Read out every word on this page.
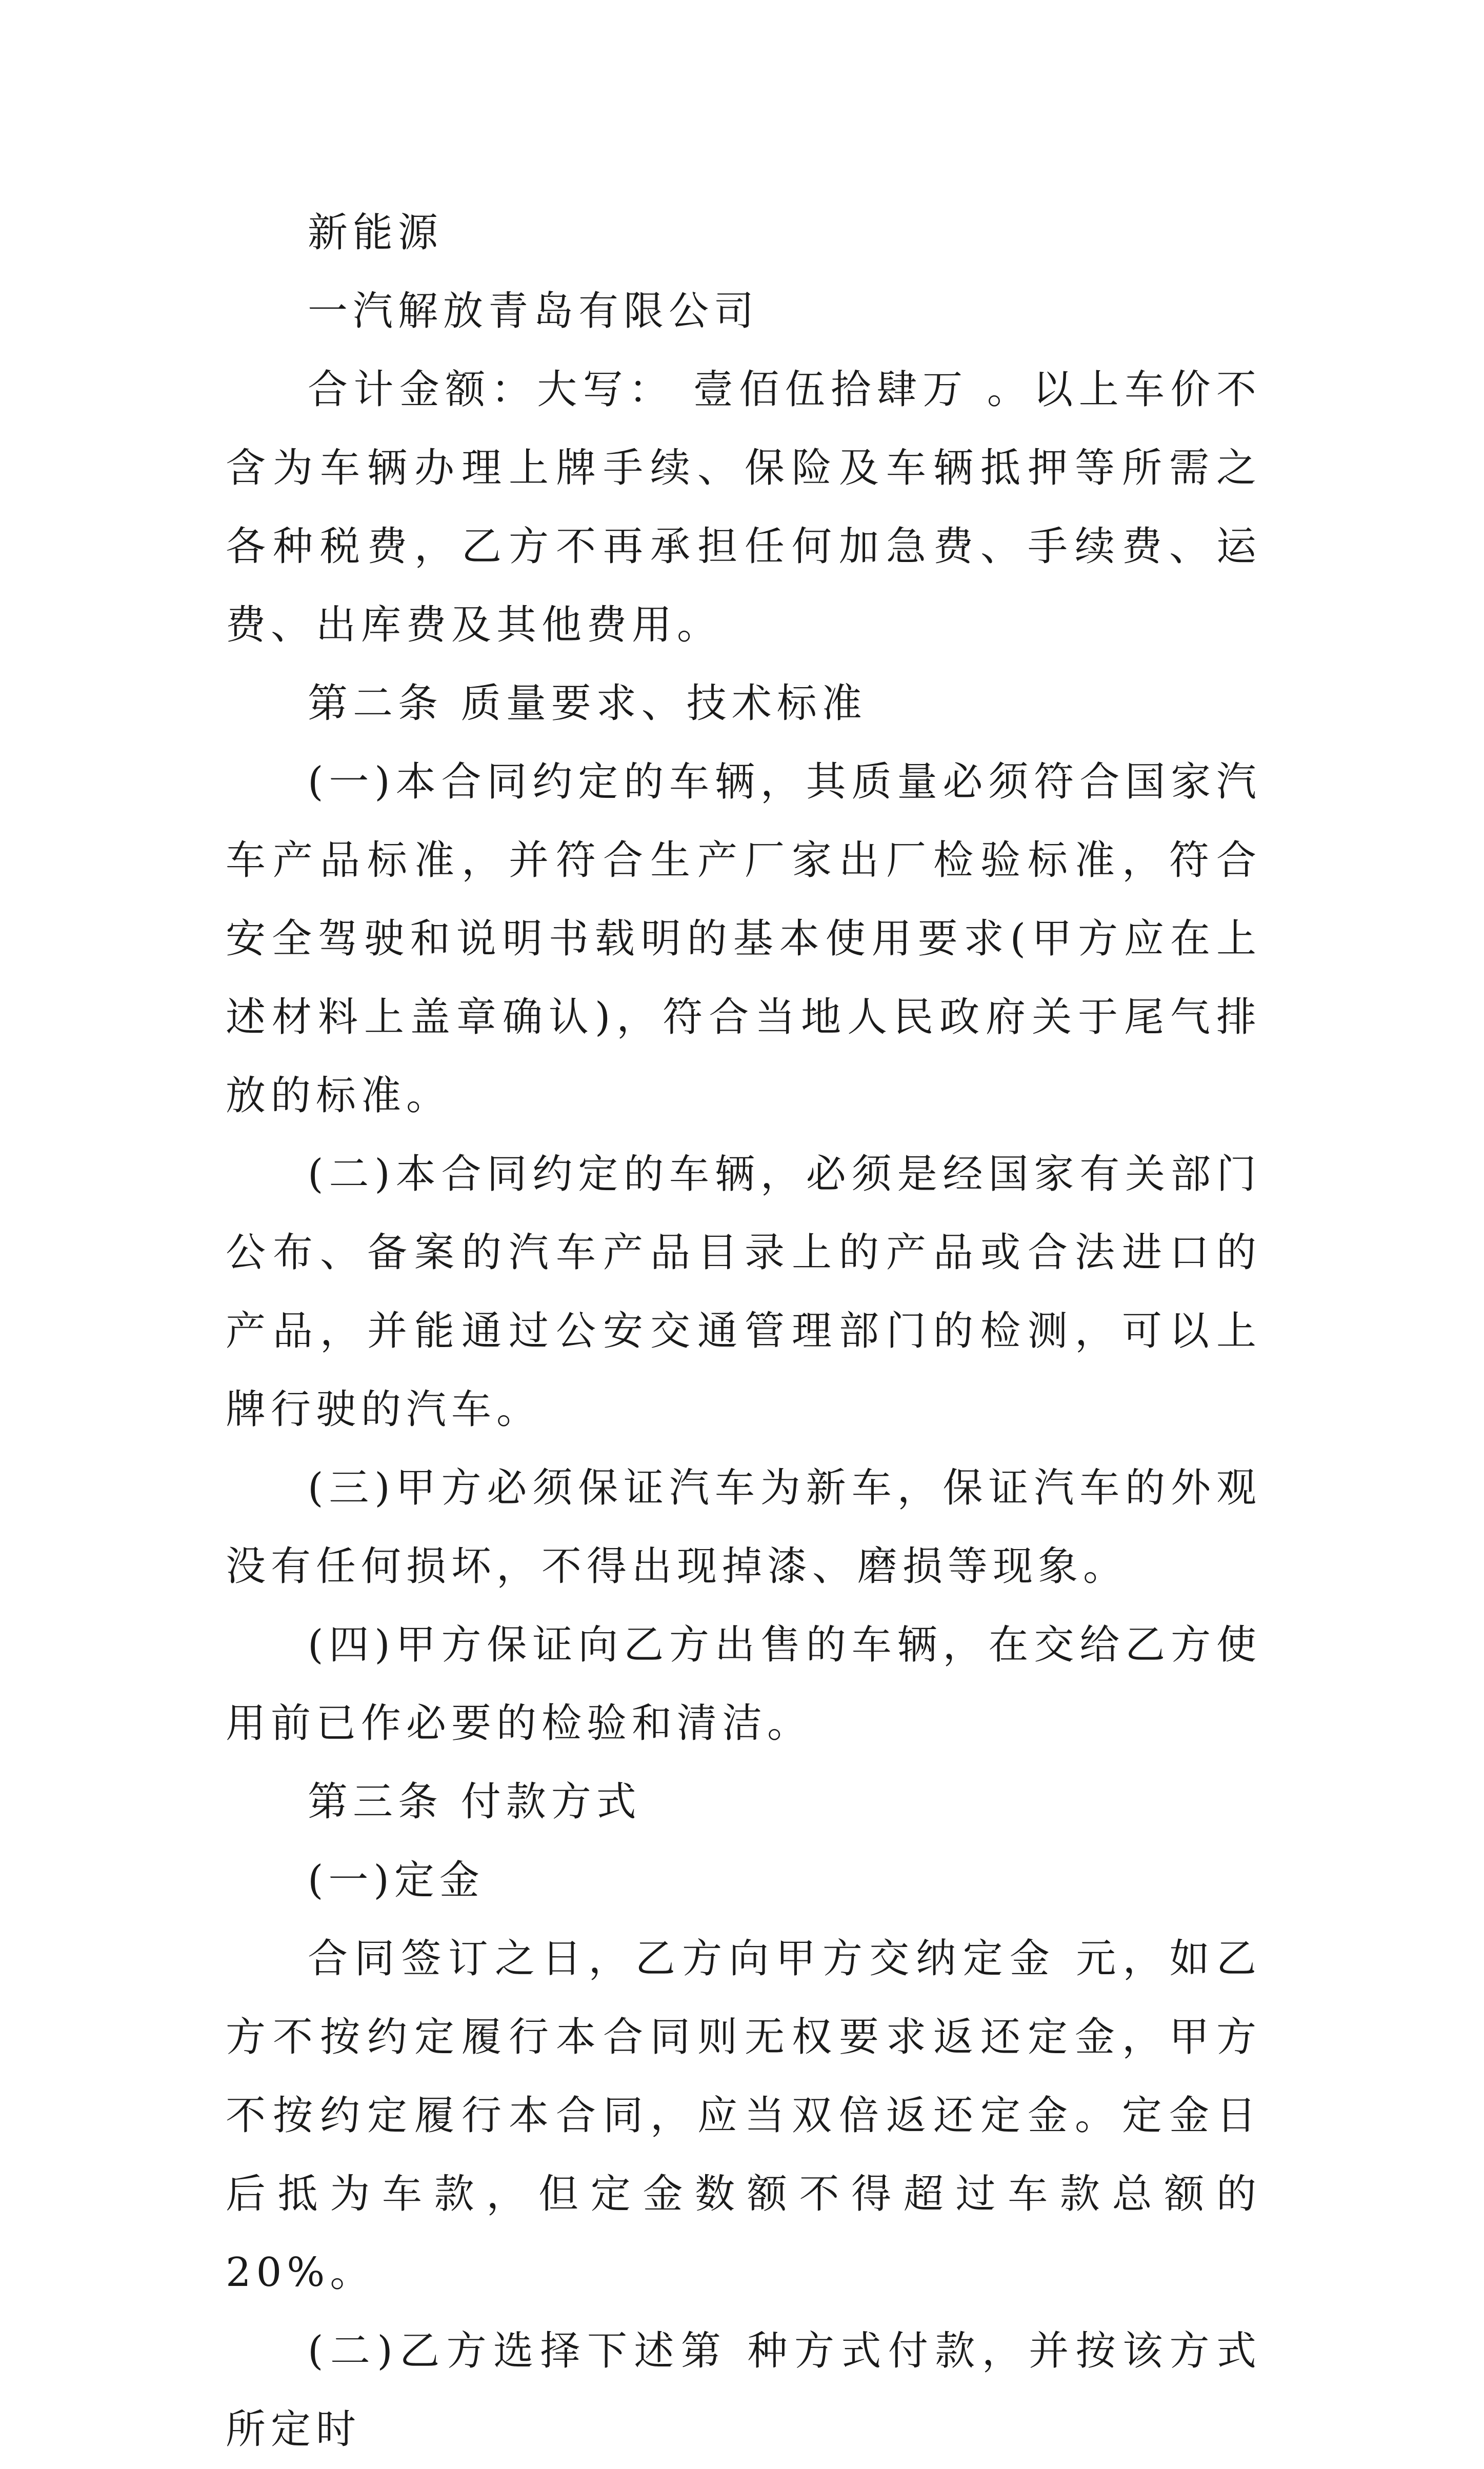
新能源

一汽解放青岛有限公司

合计金额：大写： 壹佰伍拾肆万 。以上车价不含为车辆办理上牌手续、保险及车辆抵押等所需之各种税费，乙方不再承担任何加急费、手续费、运费、出库费及其他费用。

第二条 质量要求、技术标准

(一)本合同约定的车辆，其质量必须符合国家汽车产品标准，并符合生产厂家出厂检验标准，符合安全驾驶和说明书载明的基本使用要求(甲方应在上述材料上盖章确认)，符合当地人民政府关于尾气排放的标准。

(二)本合同约定的车辆，必须是经国家有关部门公布、备案的汽车产品目录上的产品或合法进口的产品，并能通过公安交通管理部门的检测，可以上牌行驶的汽车。

(三)甲方必须保证汽车为新车，保证汽车的外观没有任何损坏，不得出现掉漆、磨损等现象。

(四)甲方保证向乙方出售的车辆，在交给乙方使用前已作必要的检验和清洁。

第三条 付款方式

(一)定金

合同签订之日，乙方向甲方交纳定金 元，如乙方不按约定履行本合同则无权要求返还定金，甲方不按约定履行本合同，应当双倍返还定金。定金日后抵为车款，但定金数额不得超过车款总额的20%。

(二)乙方选择下述第 种方式付款，并按该方式所定时
